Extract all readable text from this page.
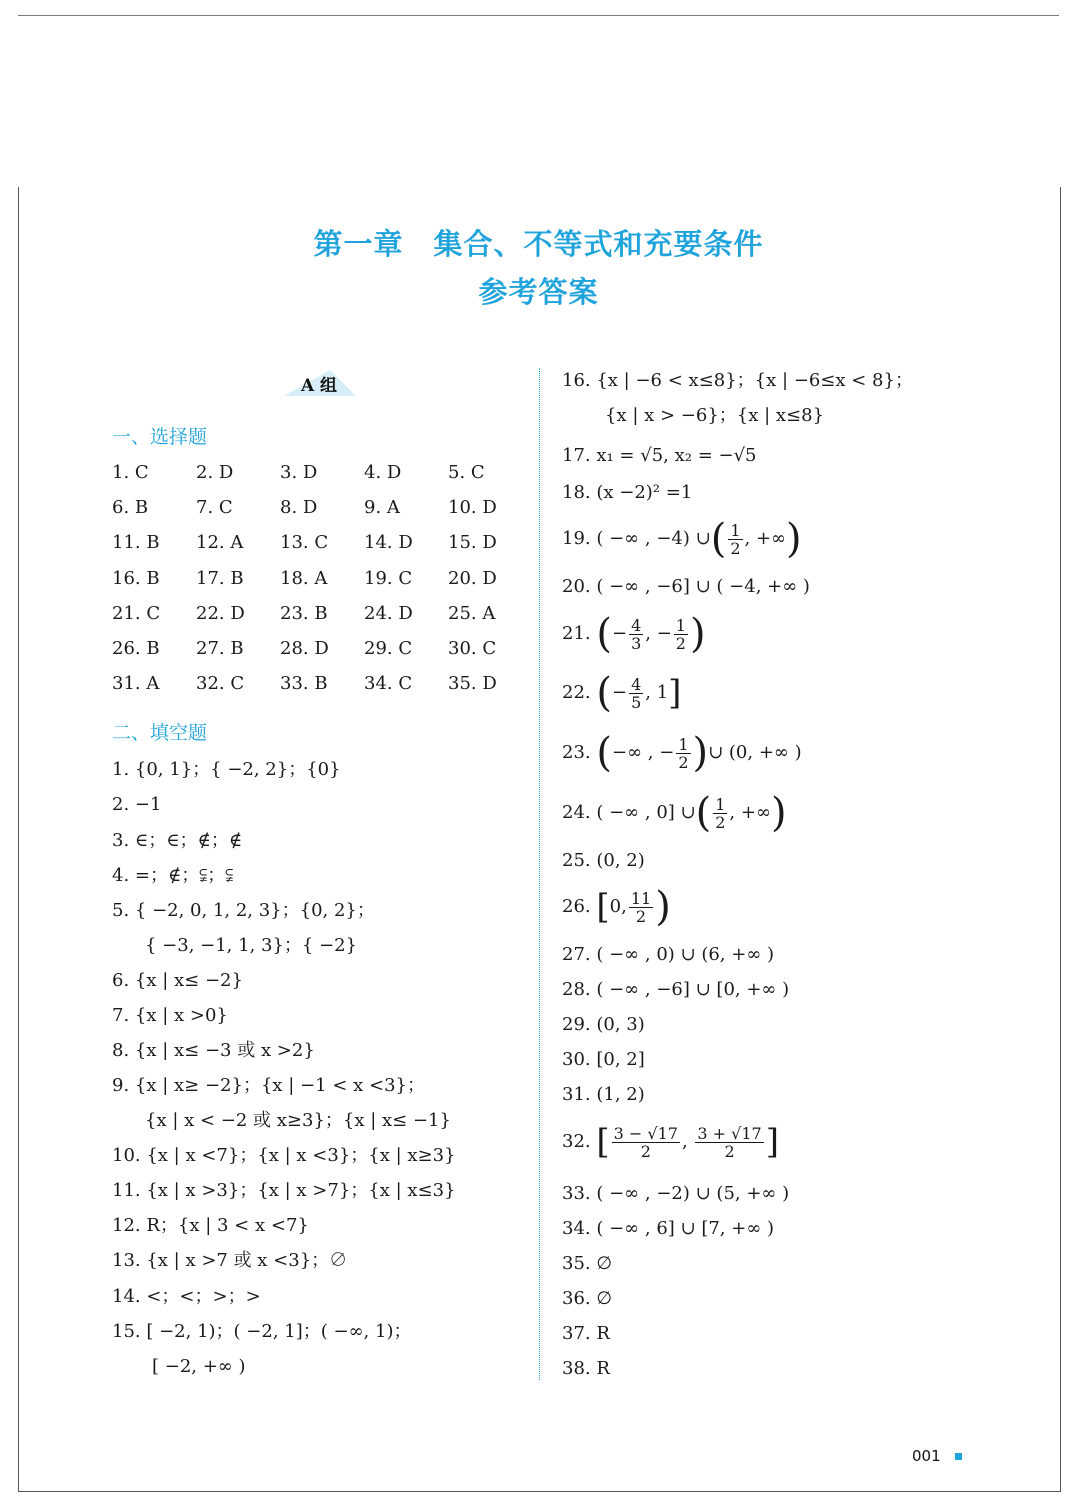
第一章　集合、不等式和充要条件
参考答案
A 组
一、选择题
1. C	2. D	3. D	4. D	5. C
6. B	7. C	8. D	9. A	10. D
11. B 12. A 13. C 14. D 15. D
16. B 17. B 18. A 19. C 20. D
21. C 22. D 23. B 24. D 25. A
26. B 27. B 28. D 29. C 30. C
31. A 32. C 33. B 34. C 35. D
二、填空题
1. {0, 1}；{ −2, 2}；{0}
2. −1
3. ∈；∈；∉；∉
4. =；∉；⫋；⫋
5. { −2, 0, 1, 2, 3}；{0, 2}；
{ −3, −1, 1, 3}；{ −2}
6. {x | x≤ −2}
7. {x | x >0}
8. {x | x≤ −3 或 x >2}
9. {x | x≥ −2}；{x | −1 < x <3}；
{x | x < −2 或 x≥3}；{x | x≤ −1}
10. {x | x <7}；{x | x <3}；{x | x≥3}
11. {x | x >3}；{x | x >7}；{x | x≤3}
12. R；{x | 3 < x <7}
13. {x | x >7 或 x <3}；∅
14. <；<；>；>
15. [ −2, 1)；( −2, 1]；( −∞, 1)；
[ −2, +∞ )
16. {x | −6 < x≤8}；{x | −6≤x < 8}；
{x | x > −6}；{x | x≤8}
17. x₁ = √5, x₂ = −√5
18. (x −2)² =1
19. ( −∞ , −4) ∪( $\frac{1}{2}$ , +∞)
20. ( −∞ , −6] ∪ ( −4, +∞ )
21. (− $\frac{4}{3}$ , − $\frac{1}{2}$ )
22. (− $\frac{4}{5}$ , 1]
23. (−∞ , − $\frac{1}{2}$ )∪ (0, +∞ )
24. ( −∞ , 0] ∪( $\frac{1}{2}$ , +∞)
25. (0, 2)
26. [0, $\frac{11}{2}$ )
27. ( −∞ , 0) ∪ (6, +∞ )
28. ( −∞ , −6] ∪ [0, +∞ )
29. (0, 3)
30. [0, 2]
31. (1, 2)
32. [ $\frac{3 - √17}{2}$ , $\frac{3 + √17}{2}$ ]
33. ( −∞ , −2) ∪ (5, +∞ )
34. ( −∞ , 6] ∪ [7, +∞ )
35. ∅
36. ∅
37. R
38. R
001
